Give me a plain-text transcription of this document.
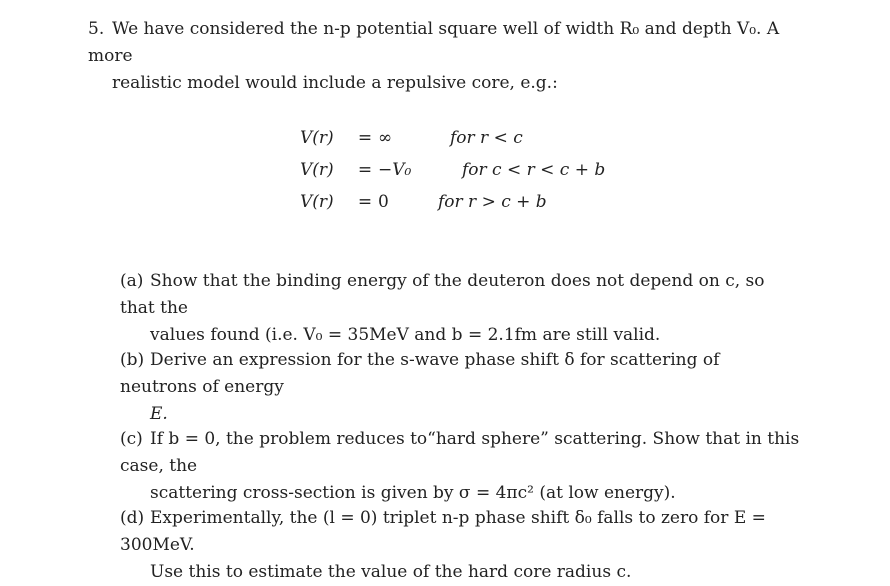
5. We have considered the n-p potential square well of width R₀ and depth V₀. A more
realistic model would include a repulsive core, e.g.:
V(r)	=	∞	for r < c
V(r)	=	−V₀	for c < r < c + b
V(r)	=	0	for r > c + b
(a) Show that the binding energy of the deuteron does not depend on c, so that the
values found (i.e. V₀ = 35MeV and b = 2.1fm are still valid.
(b) Derive an expression for the s-wave phase shift δ for scattering of neutrons of energy
E.
(c) If b = 0, the problem reduces to“hard sphere” scattering. Show that in this case, the
scattering cross-section is given by σ = 4πc² (at low energy).
(d) Experimentally, the (l = 0) triplet n-p phase shift δ₀ falls to zero for E = 300MeV.
Use this to estimate the value of the hard core radius c.
